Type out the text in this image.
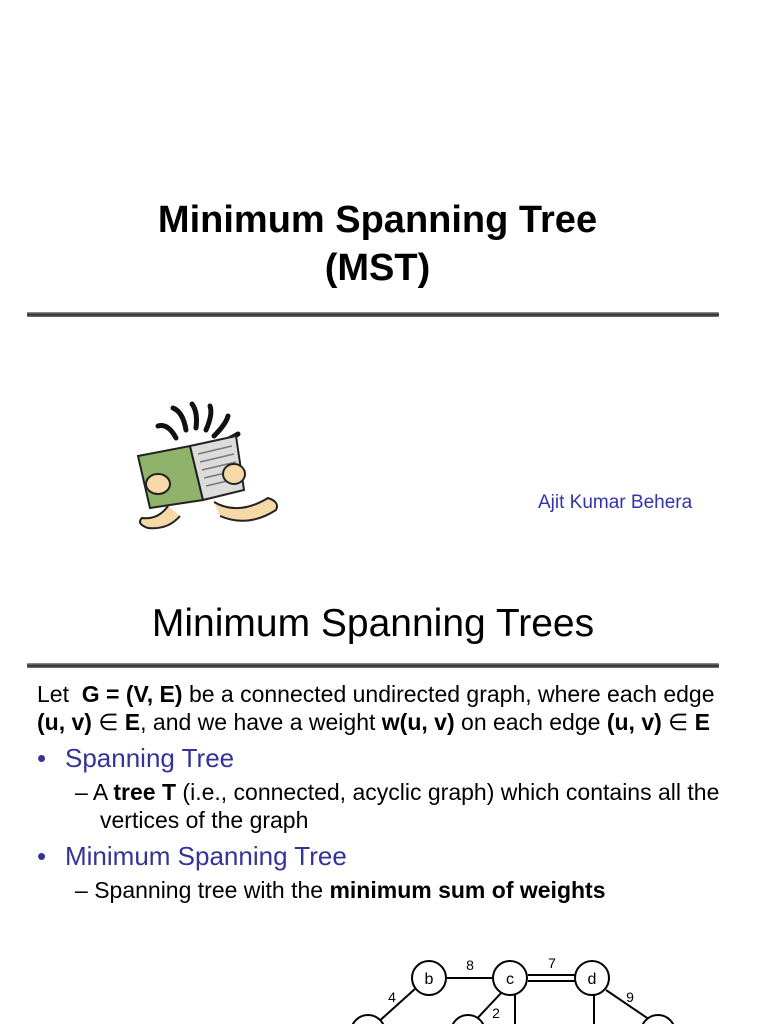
Minimum Spanning Tree
(MST)
Ajit Kumar Behera
Minimum Spanning Trees

Let G = (V, E) be a connected undirected graph, where each edge (u, v) ∈ E, and we have a weight w(u, v) on each edge (u, v) ∈ E

• Spanning Tree
– A tree T (i.e., connected, acyclic graph) which contains all the vertices of the graph
• Minimum Spanning Tree
– Spanning tree with the minimum sum of weights
b	c	d
8	7
4	9
2
